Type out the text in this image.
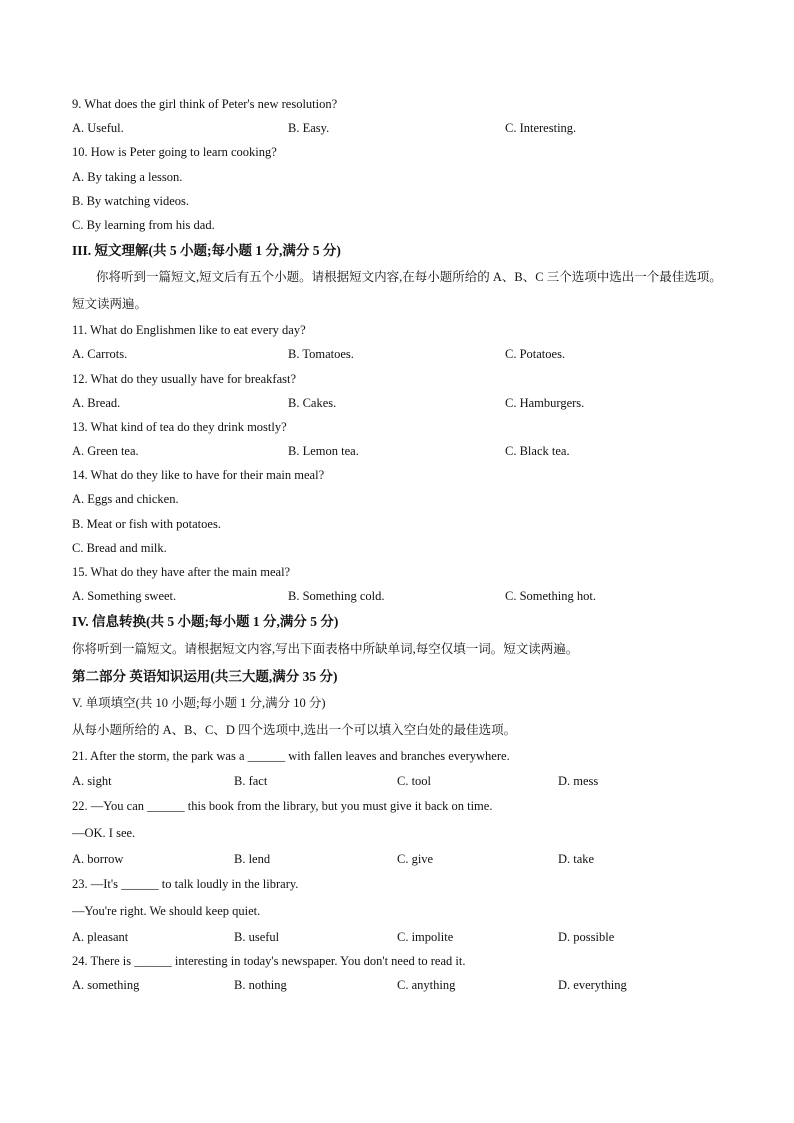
9. What does the girl think of Peter's new resolution?
A. Useful.	B. Easy.	C. Interesting.
10. How is Peter going to learn cooking?
A. By taking a lesson.
B. By watching videos.
C. By learning from his dad.
III. 短文理解(共 5 小题;每小题 1 分,满分 5 分)
你将听到一篇短文,短文后有五个小题。请根据短文内容,在每小题所给的 A、B、C 三个选项中选出一个最佳选项。短文读两遍。
11. What do Englishmen like to eat every day?
A. Carrots.	B. Tomatoes.	C. Potatoes.
12. What do they usually have for breakfast?
A. Bread.	B. Cakes.	C. Hamburgers.
13. What kind of tea do they drink mostly?
A. Green tea.	B. Lemon tea.	C. Black tea.
14. What do they like to have for their main meal?
A. Eggs and chicken.
B. Meat or fish with potatoes.
C. Bread and milk.
15. What do they have after the main meal?
A. Something sweet.	B. Something cold.	C. Something hot.
IV. 信息转换(共 5 小题;每小题 1 分,满分 5 分)
你将听到一篇短文。请根据短文内容,写出下面表格中所缺单词,每空仅填一词。短文读两遍。
第二部分 英语知识运用(共三大题,满分 35 分)
V. 单项填空(共 10 小题;每小题 1 分,满分 10 分)
从每小题所给的 A、B、C、D 四个选项中,选出一个可以填入空白处的最佳选项。
21. After the storm, the park was a ______ with fallen leaves and branches everywhere.
A. sight	B. fact	C. tool	D. mess
22. —You can ______ this book from the library, but you must give it back on time.
—OK. I see.
A. borrow	B. lend	C. give	D. take
23. —It's ______ to talk loudly in the library.
—You're right. We should keep quiet.
A. pleasant	B. useful	C. impolite	D. possible
24. There is ______ interesting in today's newspaper. You don't need to read it.
A. something	B. nothing	C. anything	D. everything
